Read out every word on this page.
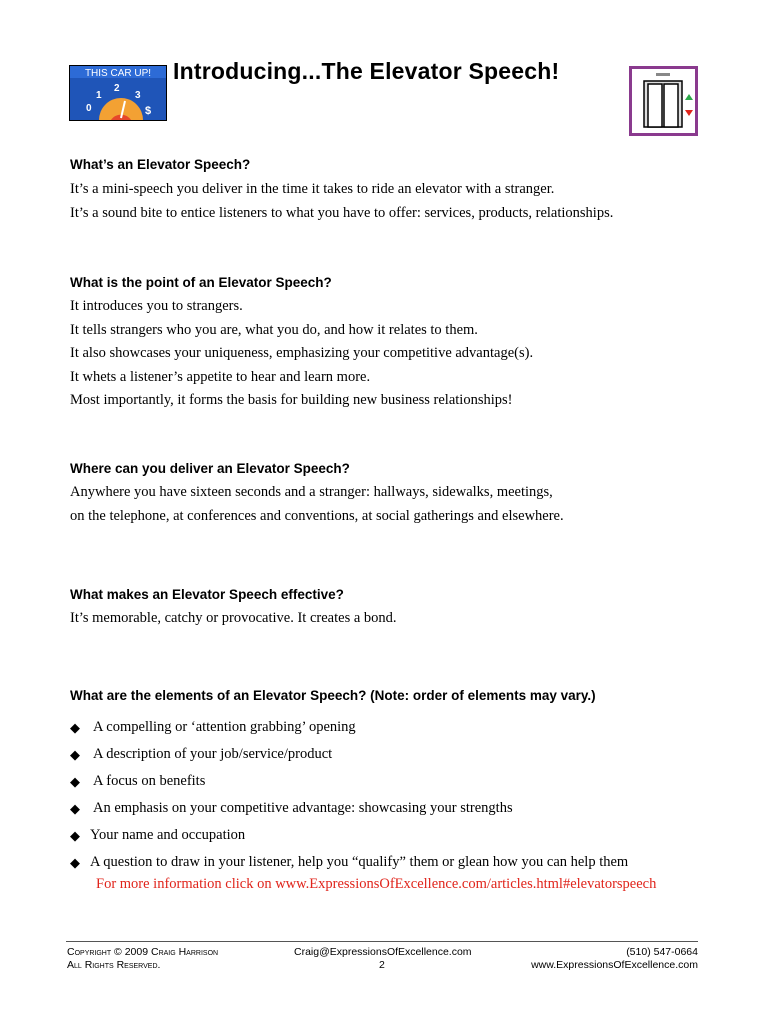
THIS CAR UP!
0
1
2
3
$
Introducing...The Elevator Speech!

What’s an Elevator Speech?

It’s a mini-speech you deliver in the time it takes to ride an elevator with a stranger.

It’s a sound bite to entice listeners to what you have to offer: services, products, relationships.

What is the point of an Elevator Speech?

It introduces you to strangers.

It tells strangers who you are, what you do, and how it relates to them.

It also showcases your uniqueness, emphasizing your competitive advantage(s).

It whets a listener’s appetite to hear and learn more.

Most importantly, it forms the basis for building new business relationships!

Where can you deliver an Elevator Speech?

Anywhere you have sixteen seconds and a stranger: hallways, sidewalks, meetings,

on the telephone, at conferences and conventions, at social gatherings and elsewhere.

What makes an Elevator Speech effective?

It’s memorable, catchy or provocative. It creates a bond.

What are the elements of an Elevator Speech? (Note: order of elements may vary.)

◆ A compelling or ‘attention grabbing’ opening
◆ A description of your job/service/product
◆ A focus on benefits
◆ An emphasis on your competitive advantage: showcasing your strengths
◆ Your name and occupation
◆ A question to draw in your listener, help you “qualify” them or glean how you can help them
For more information click on www.ExpressionsOfExcellence.com/articles.html#elevatorspeech
Copyright © 2009 Craig Harrison
All Rights Reserved.
Craig@ExpressionsOfExcellence.com
2
(510) 547-0664
www.ExpressionsOfExcellence.com
